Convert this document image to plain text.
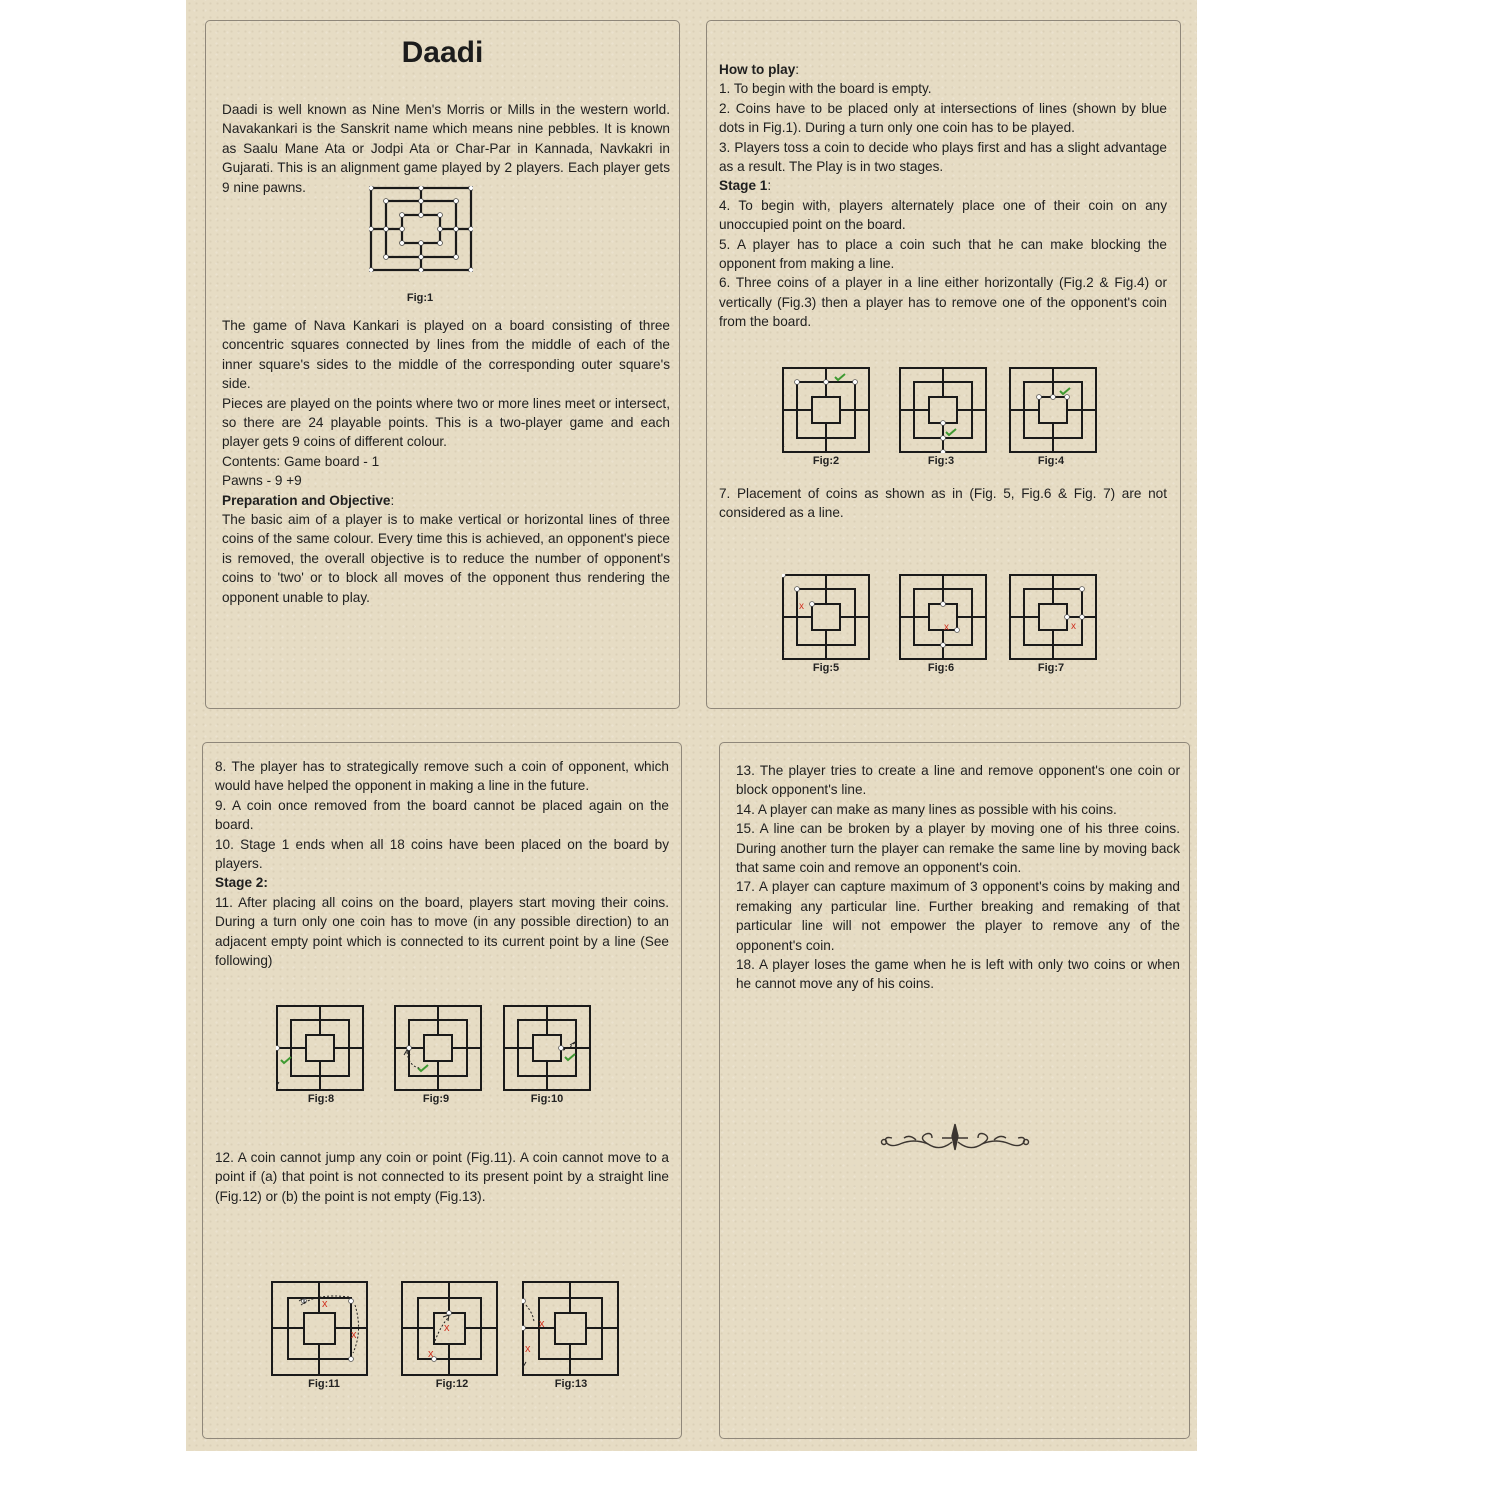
Daadi

Daadi is well known as Nine Men's Morris or Mills in the western world. Navakankari is the Sanskrit name which means nine pebbles. It is known as Saalu Mane Ata or Jodpi Ata or Char-Par in Kannada, Navkakri in Gujarati. This is an alignment game played by 2 players. Each player gets 9 nine pawns.

Fig:1

The game of Nava Kankari is played on a board consisting of three concentric squares connected by lines from the middle of each of the inner square's sides to the middle of the corresponding outer square's side.

Pieces are played on the points where two or more lines meet or intersect, so there are 24 playable points. This is a two-player game and each player gets 9 coins of different colour.

Contents: Game board - 1

Pawns - 9 +9

Preparation and Objective:

The basic aim of a player is to make vertical or horizontal lines of three coins of the same colour. Every time this is achieved, an opponent's piece is removed, the overall objective is to reduce the number of opponent's coins to 'two' or to block all moves of the opponent thus rendering the opponent unable to play.

How to play:

1. To begin with the board is empty.

2. Coins have to be placed only at intersections of lines (shown by blue dots in Fig.1). During a turn only one coin has to be played.

3. Players toss a coin to decide who plays first and has a slight advantage as a result. The Play is in two stages.

Stage 1:

4. To begin with, players alternately place one of their coin on any unoccupied point on the board.

5. A player has to place a coin such that he can make blocking the opponent from making a line.

6. Three coins of a player in a line either horizontally (Fig.2 & Fig.4) or vertically (Fig.3) then a player has to remove one of the opponent's coin from the board.

Fig:2	Fig:3	Fig:4

7. Placement of coins as shown as in (Fig. 5, Fig.6 & Fig. 7) are not considered as a line.

x
Fig:5
x
Fig:6
x
Fig:7

8. The player has to strategically remove such a coin of opponent, which would have helped the opponent in making a line in the future.

9. A coin once removed from the board cannot be placed again on the board.

10. Stage 1 ends when all 18 coins have been placed on the board by players.

Stage 2:

11. After placing all coins on the board, players start moving their coins. During a turn only one coin has to move (in any possible direction) to an adjacent empty point which is connected to its current point by a line (See following)

Fig:8	Fig:9	Fig:10

12. A coin cannot jump any coin or point (Fig.11). A coin cannot move to a point if (a) that point is not connected to its present point by a straight line (Fig.12) or (b) the point is not empty (Fig.13).

x
x
Fig:11
x
x
Fig:12
x
x
Fig:13

13. The player tries to create a line and remove opponent's one coin or block opponent's line.

14. A player can make as many lines as possible with his coins.

15. A line can be broken by a player by moving one of his three coins. During another turn the player can remake the same line by moving back that same coin and remove an opponent's coin.

17. A player can capture maximum of 3 opponent's coins by making and remaking any particular line. Further breaking and remaking of that particular line will not empower the player to remove any of the opponent's coin.

18. A player loses the game when he is left with only two coins or when he cannot move any of his coins.
